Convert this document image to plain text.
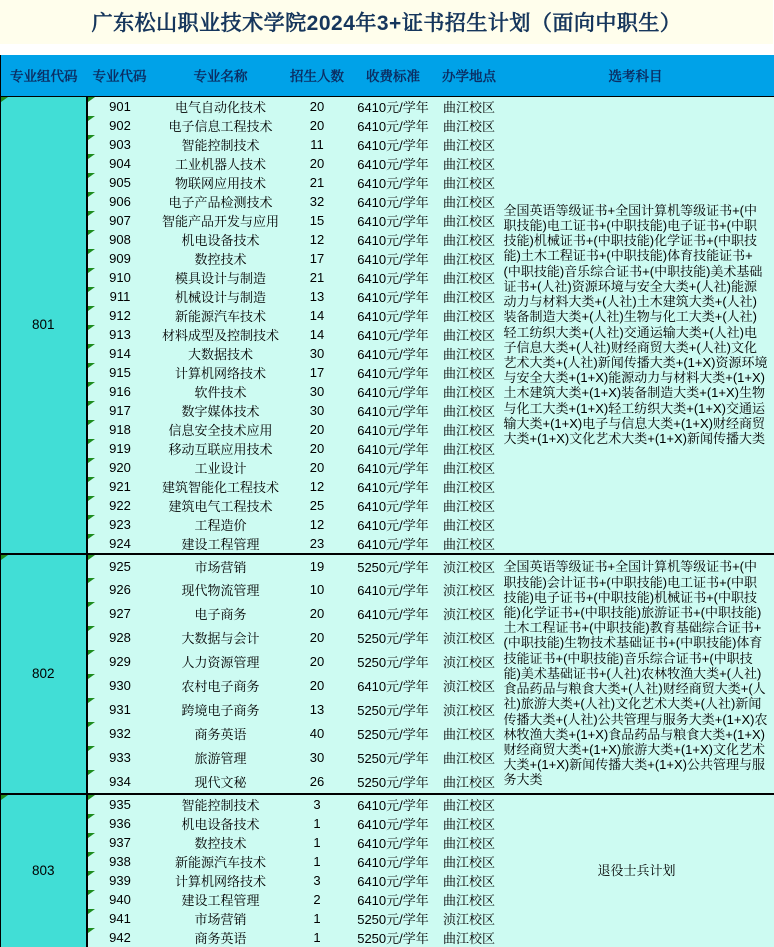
广东松山职业技术学院2024年3+证书招生计划（面向中职生）
专业组代码	专业代码	专业名称	招生人数	收费标准	办学地点	选考科目
801	901	电气自动化技术	20	6410元/学年	曲江校区	全国英语等级证书+全国计算机等级证书+(中职技能)电工证书+(中职技能)电子证书+(中职技能)机械证书+(中职技能)化学证书+(中职技能)土木工程证书+(中职技能)体育技能证书+(中职技能)音乐综合证书+(中职技能)美术基础证书+(人社)资源环境与安全大类+(人社)能源动力与材料大类+(人社)土木建筑大类+(人社)装备制造大类+(人社)生物与化工大类+(人社)轻工纺织大类+(人社)交通运输大类+(人社)电子信息大类+(人社)财经商贸大类+(人社)文化艺术大类+(人社)新闻传播大类+(1+X)资源环境与安全大类+(1+X)能源动力与材料大类+(1+X)土木建筑大类+(1+X)装备制造大类+(1+X)生物与化工大类+(1+X)轻工纺织大类+(1+X)交通运输大类+(1+X)电子与信息大类+(1+X)财经商贸大类+(1+X)文化艺术大类+(1+X)新闻传播大类
	902	电子信息工程技术	20	6410元/学年	曲江校区	
	903	智能控制技术	11	6410元/学年	曲江校区	
	904	工业机器人技术	20	6410元/学年	曲江校区	
	905	物联网应用技术	21	6410元/学年	曲江校区	
	906	电子产品检测技术	32	6410元/学年	曲江校区	
	907	智能产品开发与应用	15	6410元/学年	曲江校区	
	908	机电设备技术	12	6410元/学年	曲江校区	
	909	数控技术	17	6410元/学年	曲江校区	
	910	模具设计与制造	21	6410元/学年	曲江校区	
	911	机械设计与制造	13	6410元/学年	曲江校区	
	912	新能源汽车技术	14	6410元/学年	曲江校区	
	913	材料成型及控制技术	14	6410元/学年	曲江校区	
	914	大数据技术	30	6410元/学年	曲江校区	
	915	计算机网络技术	17	6410元/学年	曲江校区	
	916	软件技术	30	6410元/学年	曲江校区	
	917	数字媒体技术	30	6410元/学年	曲江校区	
	918	信息安全技术应用	20	6410元/学年	曲江校区	
	919	移动互联应用技术	20	6410元/学年	曲江校区	
	920	工业设计	20	6410元/学年	曲江校区	
	921	建筑智能化工程技术	12	6410元/学年	曲江校区	
	922	建筑电气工程技术	25	6410元/学年	曲江校区	
	923	工程造价	12	6410元/学年	曲江校区	
	924	建设工程管理	23	6410元/学年	曲江校区	
802	925	市场营销	19	5250元/学年	浈江校区	全国英语等级证书+全国计算机等级证书+(中职技能)会计证书+(中职技能)电工证书+(中职技能)电子证书+(中职技能)机械证书+(中职技能)化学证书+(中职技能)旅游证书+(中职技能)土木工程证书+(中职技能)教育基础综合证书+(中职技能)生物技术基础证书+(中职技能)体育技能证书+(中职技能)音乐综合证书+(中职技能)美术基础证书+(人社)农林牧渔大类+(人社)食品药品与粮食大类+(人社)财经商贸大类+(人社)旅游大类+(人社)文化艺术大类+(人社)新闻传播大类+(人社)公共管理与服务大类+(1+X)农林牧渔大类+(1+X)食品药品与粮食大类+(1+X)财经商贸大类+(1+X)旅游大类+(1+X)文化艺术大类+(1+X)新闻传播大类+(1+X)公共管理与服务大类
	926	现代物流管理	10	6410元/学年	浈江校区	
	927	电子商务	20	6410元/学年	浈江校区	
	928	大数据与会计	20	5250元/学年	浈江校区	
	929	人力资源管理	20	5250元/学年	浈江校区	
	930	农村电子商务	20	6410元/学年	浈江校区	
	931	跨境电子商务	13	5250元/学年	浈江校区	
	932	商务英语	40	5250元/学年	曲江校区	
	933	旅游管理	30	5250元/学年	曲江校区	
	934	现代文秘	26	5250元/学年	曲江校区	
803	935	智能控制技术	3	6410元/学年	曲江校区	退役士兵计划
	936	机电设备技术	1	6410元/学年	曲江校区	
	937	数控技术	1	6410元/学年	曲江校区	
	938	新能源汽车技术	1	6410元/学年	曲江校区	
	939	计算机网络技术	3	6410元/学年	曲江校区	
	940	建设工程管理	2	6410元/学年	曲江校区	
	941	市场营销	1	5250元/学年	浈江校区	
	942	商务英语	1	5250元/学年	曲江校区	
